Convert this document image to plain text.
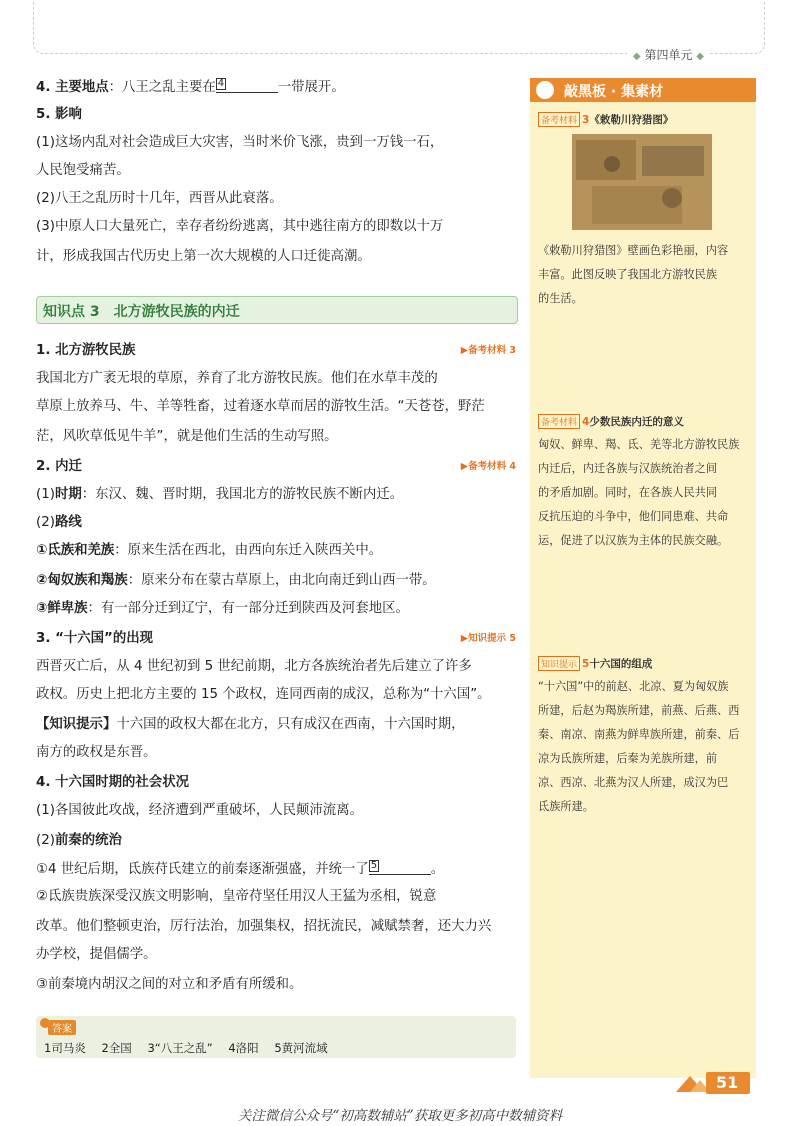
◆ 第四单元 ◆
4. 主要地点：八王之乱主要在 4	一带展开。
5. 影响
(1)这场内乱对社会造成巨大灾害，当时米价飞涨，贵到一万钱一石，
人民饱受痛苦。
(2)八王之乱历时十几年，西晋从此衰落。
(3)中原人口大量死亡，幸存者纷纷逃离，其中逃往南方的即数以十万
计，形成我国古代历史上第一次大规模的人口迁徙高潮。
1. 北方游牧民族	▶备考材料 3
我国北方广袤无垠的草原，养育了北方游牧民族。他们在水草丰茂的
草原上放养马、牛、羊等牲畜，过着逐水草而居的游牧生活。“天苍苍，野茫
茫，风吹草低见牛羊”，就是他们生活的生动写照。
2. 内迁	▶备考材料 4
(1)时期：东汉、魏、晋时期，我国北方的游牧民族不断内迁。
(2)路线
①氐族和羌族：原来生活在西北，由西向东迁入陕西关中。
②匈奴族和羯族：原来分布在蒙古草原上，由北向南迁到山西一带。
③鲜卑族：有一部分迁到辽宁，有一部分迁到陕西及河套地区。
3. “十六国”的出现	▶知识提示 5
西晋灭亡后，从 4 世纪初到 5 世纪前期，北方各族统治者先后建立了许多
政权。历史上把北方主要的 15 个政权，连同西南的成汉，总称为“十六国”。
【知识提示】十六国的政权大都在北方，只有成汉在西南，十六国时期，
南方的政权是东晋。
4. 十六国时期的社会状况
(1)各国彼此攻战，经济遭到严重破坏，人民颠沛流离。
(2)前秦的统治
①4 世纪后期，氐族苻氏建立的前秦逐渐强盛，并统一了 5	。
②氐族贵族深受汉族文明影响，皇帝苻坚任用汉人王猛为丞相，锐意
改革。他们整顿吏治，厉行法治，加强集权，招抚流民，减赋禁奢，还大力兴
办学校，提倡儒学。
③前秦境内胡汉之间的对立和矛盾有所缓和。
知识点 3　北方游牧民族的内迁
答案
1司马炎 2全国 3“八王之乱” 4洛阳 5黄河流域
敲黑板 · 集素材
备考材料 3《敕勒川狩猎图》
《敕勒川狩猎图》壁画色彩艳丽，内容
丰富。此图反映了我国北方游牧民族
的生活。
备考材料 4少数民族内迁的意义
匈奴、鲜卑、羯、氐、羌等北方游牧民族
内迁后，内迁各族与汉族统治者之间
的矛盾加剧。同时，在各族人民共同
反抗压迫的斗争中，他们同患难、共命
运，促进了以汉族为主体的民族交融。
知识提示 5十六国的组成
“十六国”中的前赵、北凉、夏为匈奴族
所建，后赵为羯族所建，前燕、后燕、西
秦、南凉、南燕为鲜卑族所建，前秦、后
凉为氐族所建，后秦为羌族所建，前
凉、西凉、北燕为汉人所建，成汉为巴
氐族所建。
51
关注微信公众号“初高数辅站”获取更多初高中数辅资料
